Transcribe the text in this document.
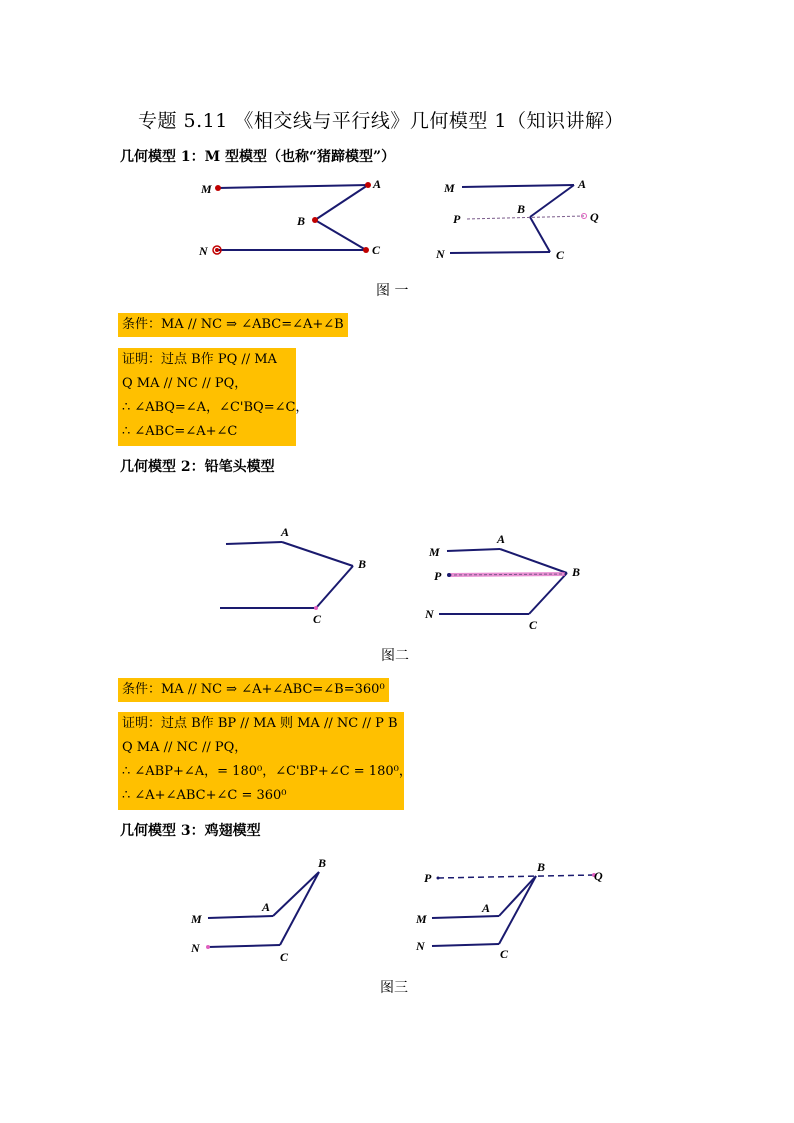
专题 5.11 《相交线与平行线》几何模型 1（知识讲解）
几何模型 1：M 型模型（也称“猪蹄模型”）
M	A
B
C
N
M	A
B
P	Q
C
N
图 一
条件：MA // NC ⇒ ∠ABC=∠A+∠B
证明：过点 B作 PQ // MA
Q MA // NC // PQ，
∴ ∠ABQ=∠A，∠C'BQ=∠C，
∴ ∠ABC=∠A+∠C
几何模型 2：铅笔头模型
A
B
C
M
A
B
P
N
C
图二
条件：MA // NC ⇒ ∠A+∠ABC=∠B=360⁰
证明：过点 B作 BP // MA 则 MA // NC // P B
Q MA // NC // PQ，
∴ ∠ABP+∠A，= 180⁰，∠C'BP+∠C = 180⁰，
∴ ∠A+∠ABC+∠C = 360⁰
几何模型 3：鸡翅模型
B
A
M
N
C
P
B
Q
A
M
N
C
图三
